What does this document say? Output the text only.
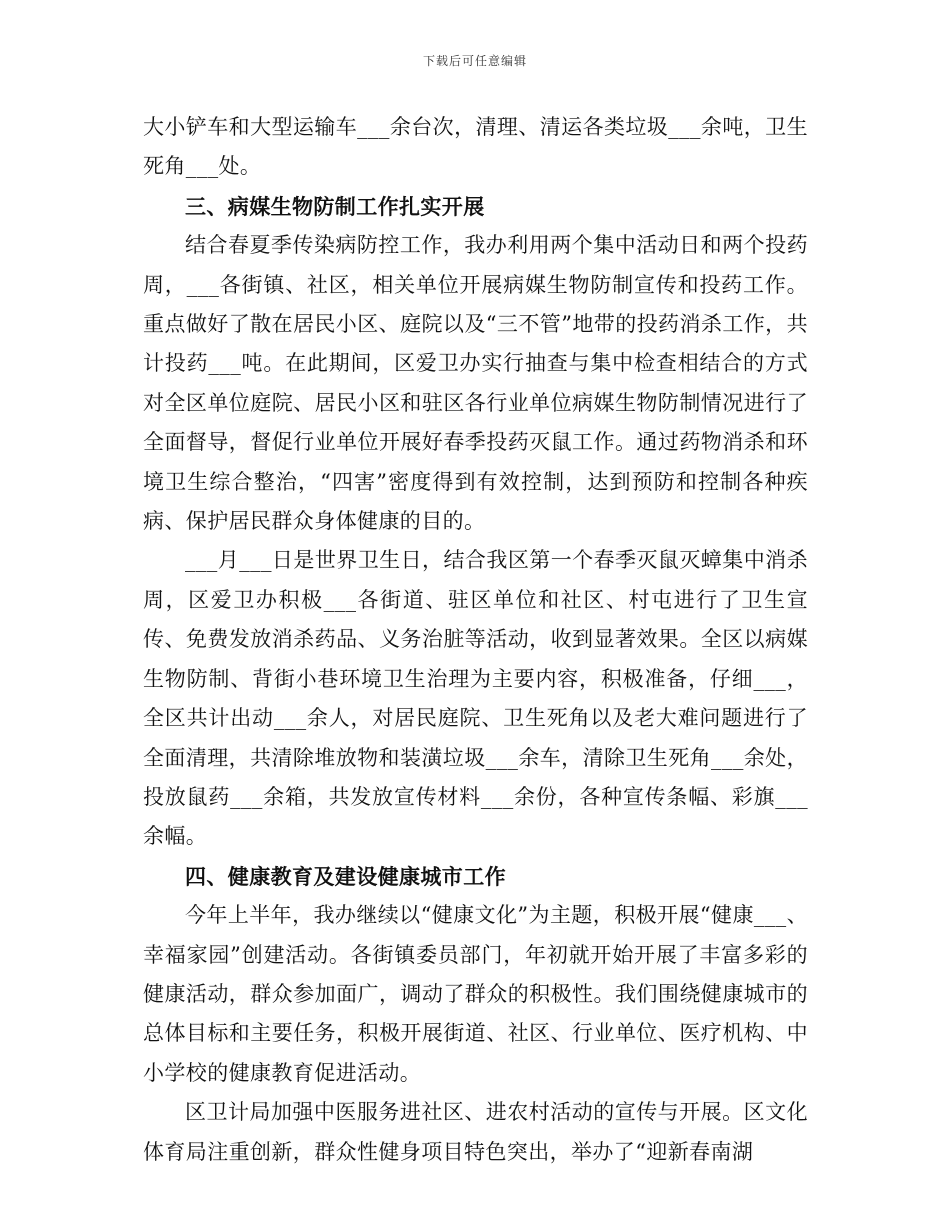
下载后可任意编辑

大小铲车和大型运输车___余台次，清理、清运各类垃圾___余吨，卫生死角___处。

三、病媒生物防制工作扎实开展

结合春夏季传染病防控工作，我办利用两个集中活动日和两个投药周，___各街镇、社区，相关单位开展病媒生物防制宣传和投药工作。重点做好了散在居民小区、庭院以及“三不管”地带的投药消杀工作，共计投药___吨。在此期间，区爱卫办实行抽查与集中检查相结合的方式对全区单位庭院、居民小区和驻区各行业单位病媒生物防制情况进行了全面督导，督促行业单位开展好春季投药灭鼠工作。通过药物消杀和环境卫生综合整治，“四害”密度得到有效控制，达到预防和控制各种疾病、保护居民群众身体健康的目的。

___月___日是世界卫生日，结合我区第一个春季灭鼠灭蟑集中消杀周，区爱卫办积极___各街道、驻区单位和社区、村屯进行了卫生宣传、免费发放消杀药品、义务治脏等活动，收到显著效果。全区以病媒生物防制、背街小巷环境卫生治理为主要内容，积极准备，仔细___，全区共计出动___余人，对居民庭院、卫生死角以及老大难问题进行了全面清理，共清除堆放物和装潢垃圾___余车，清除卫生死角___余处，投放鼠药___余箱，共发放宣传材料___余份，各种宣传条幅、彩旗___余幅。

四、健康教育及建设健康城市工作

今年上半年，我办继续以“健康文化”为主题，积极开展“健康___、幸福家园”创建活动。各街镇委员部门，年初就开始开展了丰富多彩的健康活动，群众参加面广，调动了群众的积极性。我们围绕健康城市的总体目标和主要任务，积极开展街道、社区、行业单位、医疗机构、中小学校的健康教育促进活动。

区卫计局加强中医服务进社区、进农村活动的宣传与开展。区文化体育局注重创新，群众性健身项目特色突出，举办了“迎新春南湖
